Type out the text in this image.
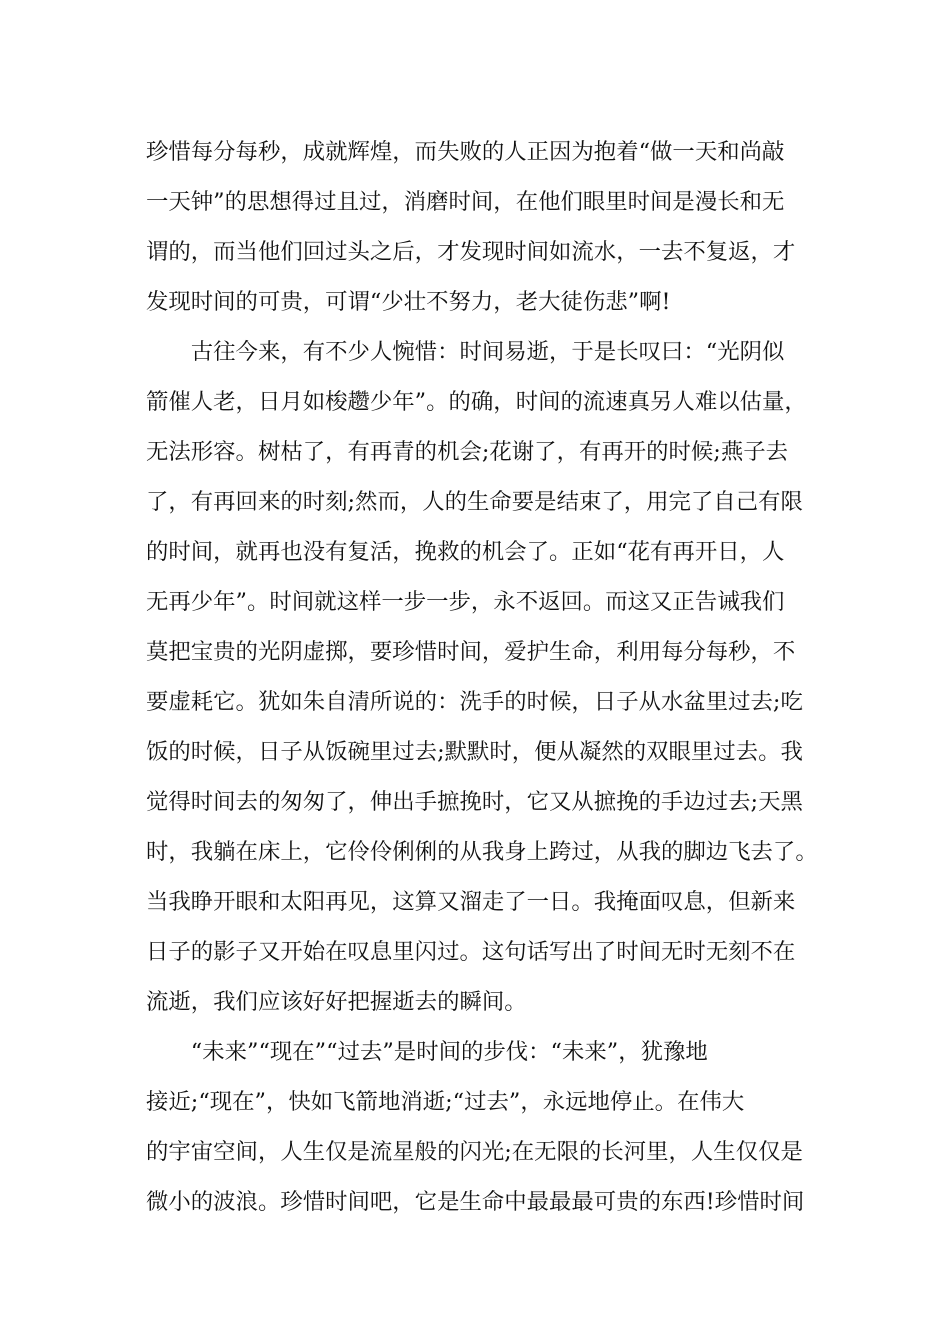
珍惜每分每秒，成就辉煌，而失败的人正因为抱着“做一天和尚敲
一天钟”的思想得过且过，消磨时间，在他们眼里时间是漫长和无
谓的，而当他们回过头之后，才发现时间如流水，一去不复返，才
发现时间的可贵，可谓“少壮不努力，老大徒伤悲”啊!
　　古往今来，有不少人惋惜：时间易逝，于是长叹曰：“光阴似
箭催人老，日月如梭趱少年”。的确，时间的流速真另人难以估量，
无法形容。树枯了，有再青的机会;花谢了，有再开的时候;燕子去
了，有再回来的时刻;然而，人的生命要是结束了，用完了自己有限
的时间，就再也没有复活，挽救的机会了。正如“花有再开日，人
无再少年”。时间就这样一步一步，永不返回。而这又正告诫我们
莫把宝贵的光阴虚掷，要珍惜时间，爱护生命，利用每分每秒，不
要虚耗它。犹如朱自清所说的：洗手的时候，日子从水盆里过去;吃
饭的时候，日子从饭碗里过去;默默时，便从凝然的双眼里过去。我
觉得时间去的匆匆了，伸出手摭挽时，它又从摭挽的手边过去;天黑
时，我躺在床上，它伶伶俐俐的从我身上跨过，从我的脚边飞去了。
当我睁开眼和太阳再见，这算又溜走了一日。我掩面叹息，但新来
日子的影子又开始在叹息里闪过。这句话写出了时间无时无刻不在
流逝，我们应该好好把握逝去的瞬间。
　　“未来”“现在”“过去”是时间的步伐：“未来”，犹豫地
接近;“现在”，快如飞箭地消逝;“过去”，永远地停止。在伟大
的宇宙空间，人生仅是流星般的闪光;在无限的长河里，人生仅仅是
微小的波浪。珍惜时间吧，它是生命中最最最可贵的东西!珍惜时间
